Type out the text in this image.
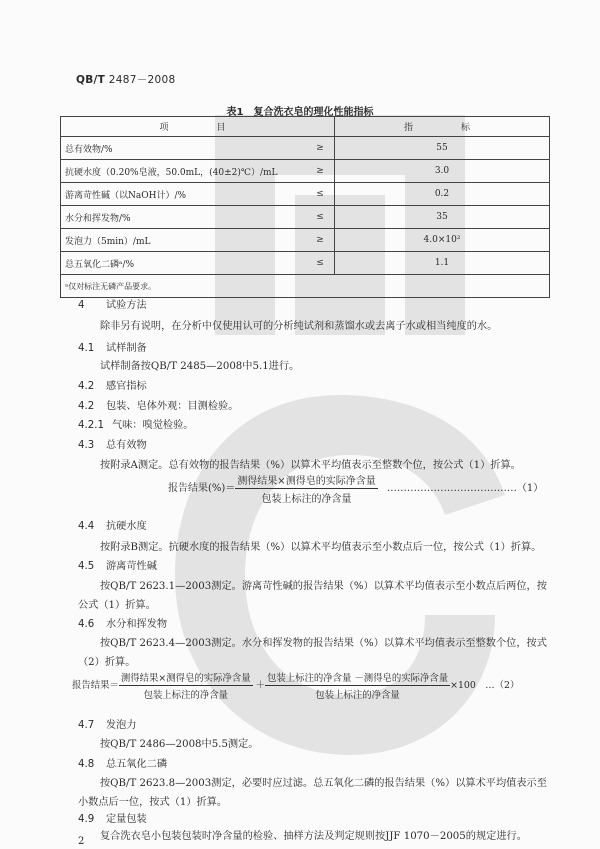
QB/T 2487－2008
表1　复合洗衣皂的理化性能指标
项　　目		指　　标
总有效物/%	≥	55
抗硬水度（0.20%皂液，50.0mL，(40±2)℃）/mL	≥	3.0
游离苛性碱（以NaOH计）/%	≤	0.2
水分和挥发物/%	≤	35
发泡力（5min）/mL	≥	4.0×10²
总五氧化二磷ᵃ/%	≤	1.1
ᵃ仅对标注无磷产品要求。		
4 试验方法
除非另有说明，在分析中仅使用认可的分析纯试剂和蒸馏水或去离子水或相当纯度的水。
4.1 试样制备
试样制备按QB/T 2485—2008中5.1进行。
4.2 感官指标
4.2 包装、皂体外观：目测检验。
4.2.1 气味：嗅觉检验。
4.3 总有效物
按附录A测定。总有效物的报告结果（%）以算术平均值表示至整数个位，按公式（1）折算。
报告结果(%)＝ $\frac{\text{测得结果×测得皂的实际净含量}}{\text{包装上标注的净含量}}$ …………………………………（1）
4.4 抗硬水度
按附录B测定。抗硬水度的报告结果（%）以算术平均值表示至小数点后一位，按公式（1）折算。
4.5 游离苛性碱
按QB/T 2623.1—2003测定。游离苛性碱的报告结果（%）以算术平均值表示至小数点后两位，按
公式（1）折算。
4.6 水分和挥发物
按QB/T 2623.4—2003测定。水分和挥发物的报告结果（%）以算术平均值表示至整数个位，按式
（2）折算。
报告结果＝ $\frac{\text{测得结果×测得皂的实际净含量}}{\text{包装上标注的净含量}} + \frac{\text{包装上标注的净含量 －测得皂的实际净含量}}{\text{包装上标注的净含量}} \times 100$　…（2）
4.7 发泡力
按QB/T 2486—2008中5.5测定。
4.8 总五氧化二磷
按QB/T 2623.8—2003测定，必要时应过滤。总五氧化二磷的报告结果（%）以算术平均值表示至
小数点后一位，按式（1）折算。
4.9 定量包装
复合洗衣皂小包装包装时净含量的检验、抽样方法及判定规则按JJF 1070－2005的规定进行。
2
